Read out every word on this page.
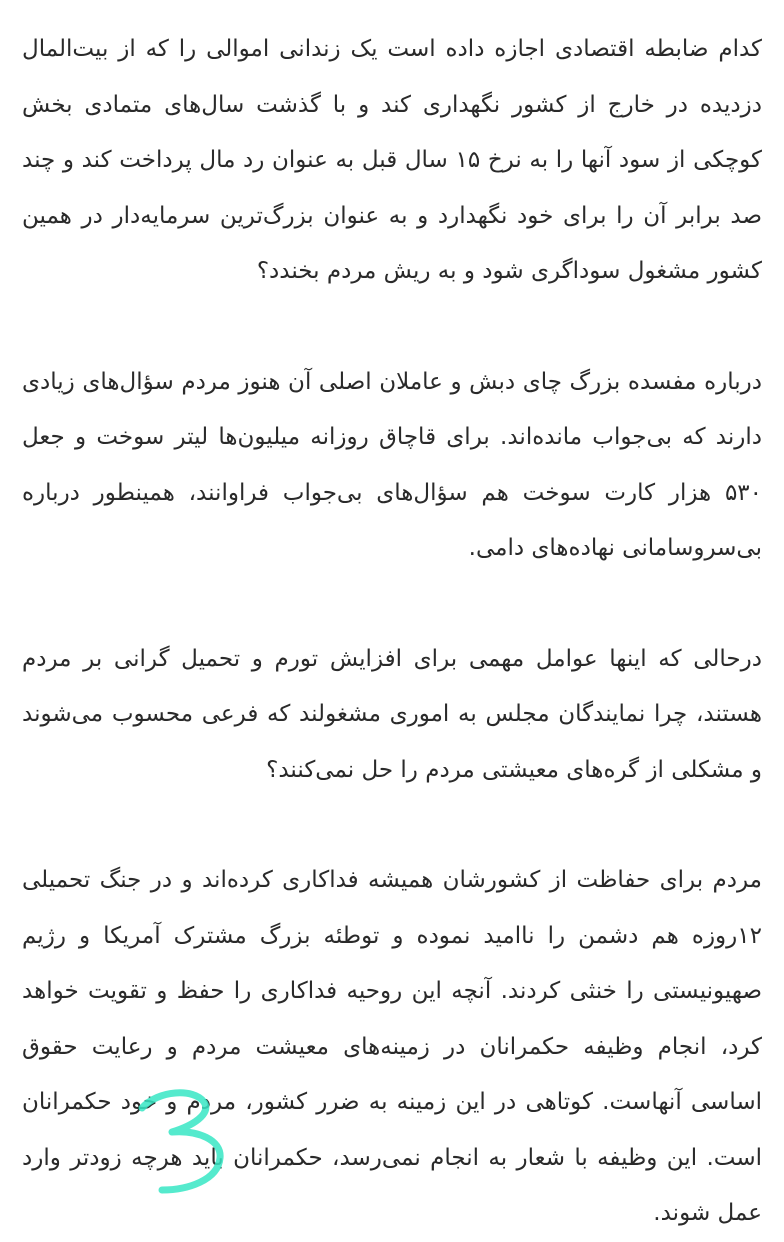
کدام ضابطه اقتصادی اجازه داده است یک زندانی اموالی را که از بیت‌المال دزدیده در خارج از کشور نگهداری کند و با گذشت سال‌های متمادی بخش کوچکی از سود آنها را به نرخ ۱۵ سال قبل به عنوان رد مال پرداخت کند و چند صد برابر آن را برای خود نگهدارد و به عنوان بزرگ‌ترین سرمایه‌دار در همین کشور مشغول سوداگری شود و به ریش مردم بخندد؟

درباره مفسده بزرگ چای دبش و عاملان اصلی آن هنوز مردم سؤال‌های زیادی دارند که بی‌جواب مانده‌اند. برای قاچاق روزانه میلیون‌ها لیتر سوخت و جعل ۵۳۰ هزار کارت سوخت هم سؤال‌های بی‌جواب فراوانند، همینطور درباره بی‌سروسامانی نهاده‌های دامی.

درحالی که اینها عوامل مهمی برای افزایش تورم و تحمیل گرانی بر مردم هستند، چرا نمایندگان مجلس به اموری مشغولند که فرعی محسوب می‌شوند و مشکلی از گره‌های معیشتی مردم را حل نمی‌کنند؟

مردم برای حفاظت از کشورشان همیشه فداکاری کرده‌اند و در جنگ تحمیلی ۱۲روزه هم دشمن را ناامید نموده و توطئه بزرگ مشترک آمریکا و رژیم صهیونیستی را خنثی کردند. آنچه این روحیه فداکاری را حفظ و تقویت خواهد کرد، انجام وظیفه حکمرانان در زمینه‌های معیشت مردم و رعایت حقوق اساسی آنهاست. کوتاهی در این زمینه به ضرر کشور، مردم و خود حکمرانان است. این وظیفه با شعار به انجام نمی‌رسد، حکمرانان باید هرچه زودتر وارد عمل شوند.
